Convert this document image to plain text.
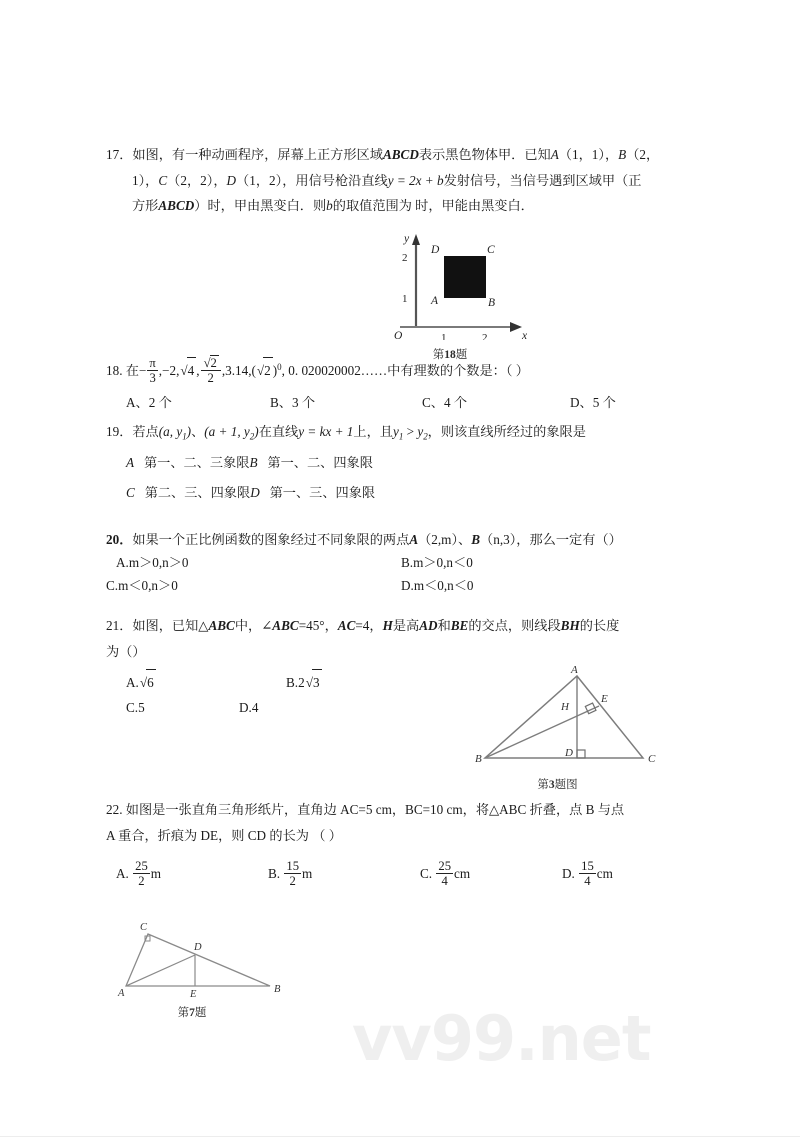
17．如图，有一种动画程序，屏幕上正方形区域ABCD表示黑色物体甲．已知A（1，1），B（2，
1），C（2，2），D（1，2），用信号枪沿直线y = 2x + b发射信号，当信号遇到区域甲（正
方形ABCD）时，甲由黑变白．则b的取值范围为 时，甲能由黑变白．
18. 在− $\frac{\pi}{3} ,-2,√4$ , $\frac{√2}{2} ,3.14,(√2$ )$^0$, 0. 020020002……中有理数的个数是：（ ）
A、2 个	B、3 个	C、4 个	D、5 个
19．若点(a, $y_1$)、(a + 1, $y_2$)在直线y = kx + 1上，且$y_1 > y_2$，则该直线所经过的象限是
A 第一、二、三象限B 第一、二、四象限
C 第二、三、四象限D 第一、三、四象限
20．如果一个正比例函数的图象经过不同象限的两点A（2,m）、B（n,3），那么一定有（）
A.m＞0,n＞0	B.m＞0,n＜0
C.m＜0,n＞0	D.m＜0,n＜0
21．如图，已知△ABC中，∠ABC=45°，AC=4，H是高AD和BE的交点，则线段BH的长度
为（）
A.√6	B.2√3
C.5	D.4
22. 如图是一张直角三角形纸片，直角边 AC=5 cm，BC=10 cm，将△ABC 折叠，点 B 与点
A 重合，折痕为 DE，则 CD 的长为 （ ）
A. $\frac{25}{2}$ m	B. $\frac{15}{2}$ m	C. $\frac{25}{4}$ cm	D. $\frac{15}{4}$ cm
y
x
O
2
1
1	2
A	B
C
D
第18题
A
B	C
D
E
H
第3题图
A	B
C
D
E
第7题	vv99.net
